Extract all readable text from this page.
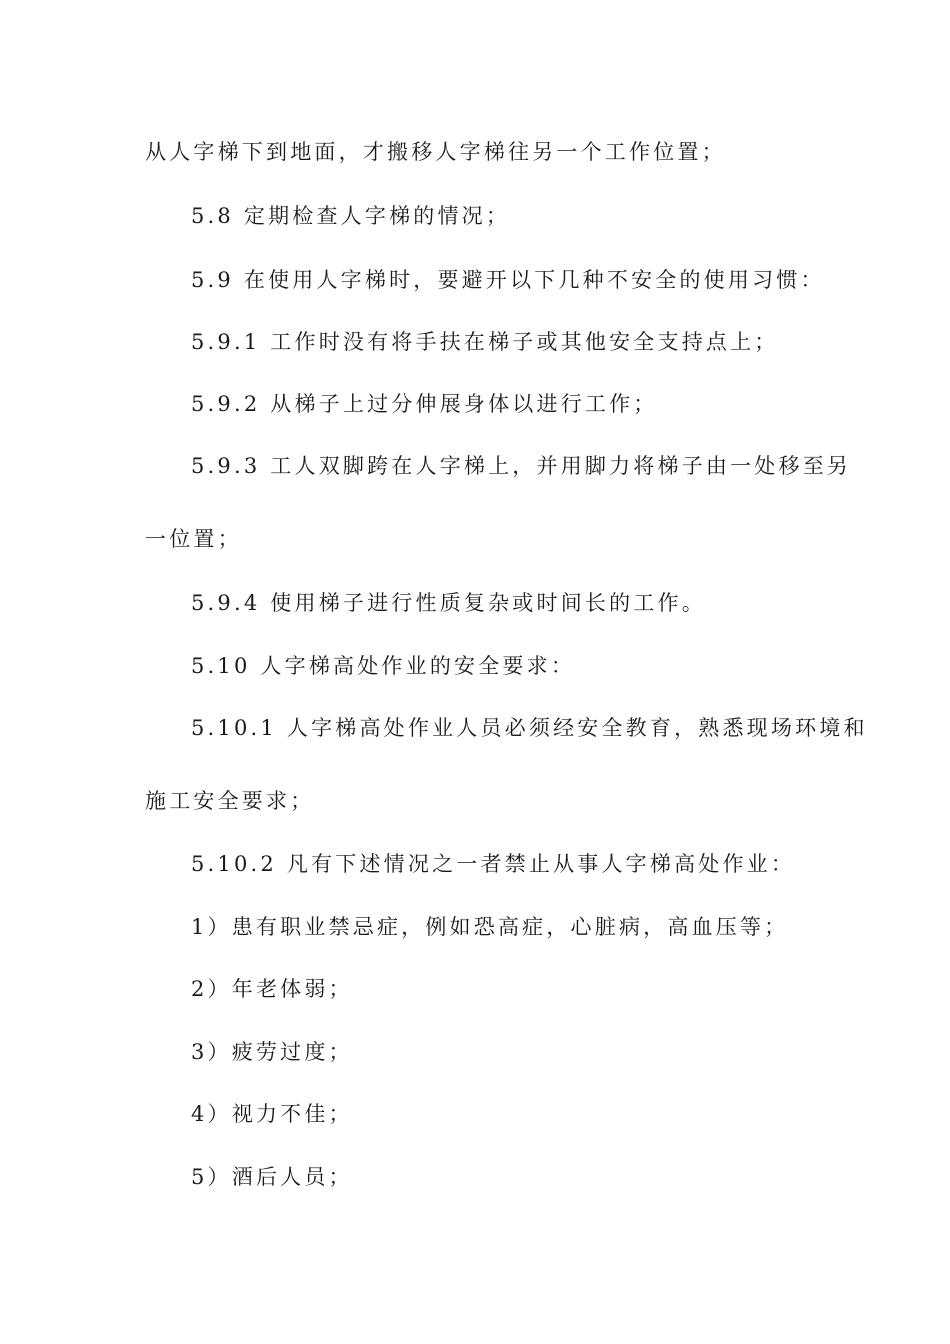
从人字梯下到地面，才搬移人字梯往另一个工作位置；
5.8 定期检查人字梯的情况；
5.9 在使用人字梯时，要避开以下几种不安全的使用习惯：
5.9.1 工作时没有将手扶在梯子或其他安全支持点上；
5.9.2 从梯子上过分伸展身体以进行工作；
5.9.3 工人双脚跨在人字梯上，并用脚力将梯子由一处移至另
一位置；
5.9.4 使用梯子进行性质复杂或时间长的工作。
5.10 人字梯高处作业的安全要求：
5.10.1 人字梯高处作业人员必须经安全教育，熟悉现场环境和
施工安全要求；
5.10.2 凡有下述情况之一者禁止从事人字梯高处作业：
1）患有职业禁忌症，例如恐高症，心脏病，高血压等；
2）年老体弱；
3）疲劳过度；
4）视力不佳；
5）酒后人员；
